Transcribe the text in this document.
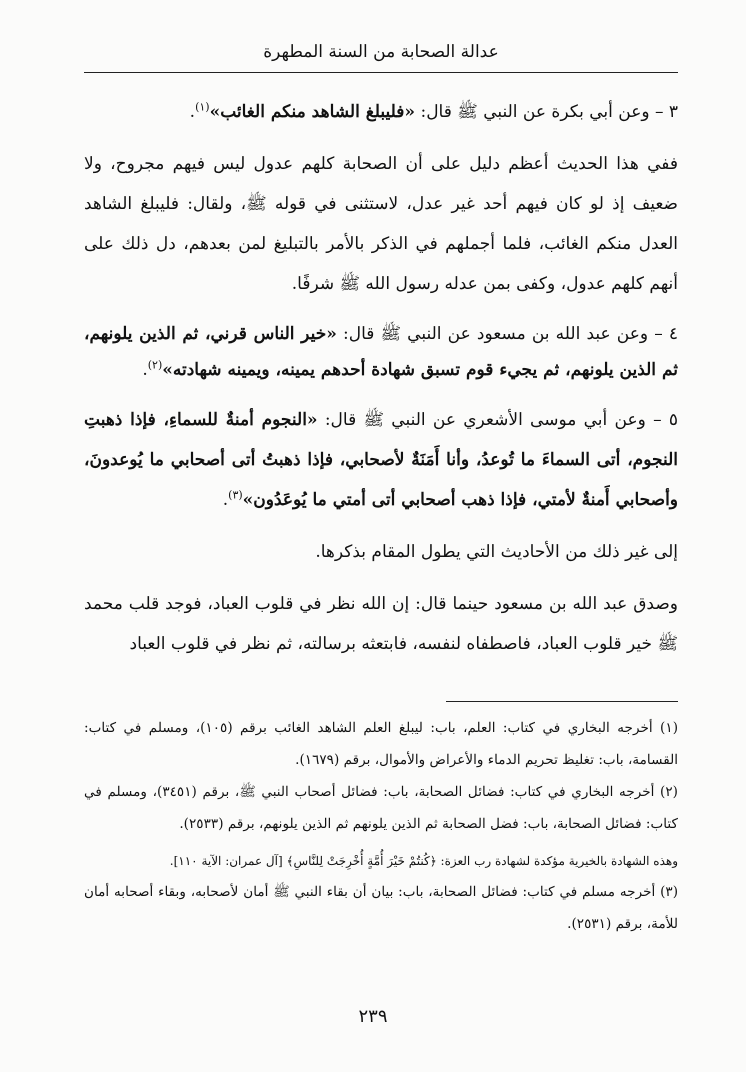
عدالة الصحابة من السنة المطهرة

٣ – وعن أبي بكرة عن النبي ﷺ قال: «فليبلغ الشاهد منكم الغائب»$^{(١)}$.

ففي هذا الحديث أعظم دليل على أن الصحابة كلهم عدول ليس فيهم مجروح، ولا ضعيف إذ لو كان فيهم أحد غير عدل، لاستثنى في قوله ﷺ، ولقال: فليبلغ الشاهد العدل منكم الغائب، فلما أجملهم في الذكر بالأمر بالتبليغ لمن بعدهم، دل ذلك على أنهم كلهم عدول، وكفى بمن عدله رسول الله ﷺ شرفًا.

٤ – وعن عبد الله بن مسعود عن النبي ﷺ قال: «خير الناس قرني، ثم الذين يلونهم، ثم الذين يلونهم، ثم يجيء قوم تسبق شهادة أحدهم يمينه، ويمينه شهادته»$^{(٢)}$.

٥ – وعن أبي موسى الأشعري عن النبي ﷺ قال: «النجوم أمنةٌ للسماءِ، فإذا ذهبتِ النجوم، أتى السماءَ ما تُوعدُ، وأنا أَمَنَةٌ لأصحابي، فإذا ذهبتُ أتى أصحابي ما يُوعدونَ، وأصحابي أَمنةٌ لأمتي، فإذا ذهب أصحابي أتى أمتي ما يُوعَدُون»$^{(٣)}$.

إلى غير ذلك من الأحاديث التي يطول المقام بذكرها.

وصدق عبد الله بن مسعود حينما قال: إن الله نظر في قلوب العباد، فوجد قلب محمد ﷺ خير قلوب العباد، فاصطفاه لنفسه، فابتعثه برسالته، ثم نظر في قلوب العباد

(١) أخرجه البخاري في كتاب: العلم، باب: ليبلغ العلم الشاهد الغائب برقم (١٠٥)، ومسلم في كتاب: القسامة، باب: تغليظ تحريم الدماء والأعراض والأموال، برقم (١٦٧٩).

(٢) أخرجه البخاري في كتاب: فضائل الصحابة، باب: فضائل أصحاب النبي ﷺ، برقم (٣٤٥١)، ومسلم في كتاب: فضائل الصحابة، باب: فضل الصحابة ثم الذين يلونهم ثم الذين يلونهم، برقم (٢٥٣٣).

وهذه الشهادة بالخيرية مؤكدة لشهادة رب العزة: ﴿كُنتُمْ خَيْرَ أُمَّةٍ أُخْرِجَتْ لِلنَّاسِ﴾ [آل عمران: الآية ١١٠].

(٣) أخرجه مسلم في كتاب: فضائل الصحابة، باب: بيان أن بقاء النبي ﷺ أمان لأصحابه، وبقاء أصحابه أمان للأمة، برقم (٢٥٣١).

٢٣٩
